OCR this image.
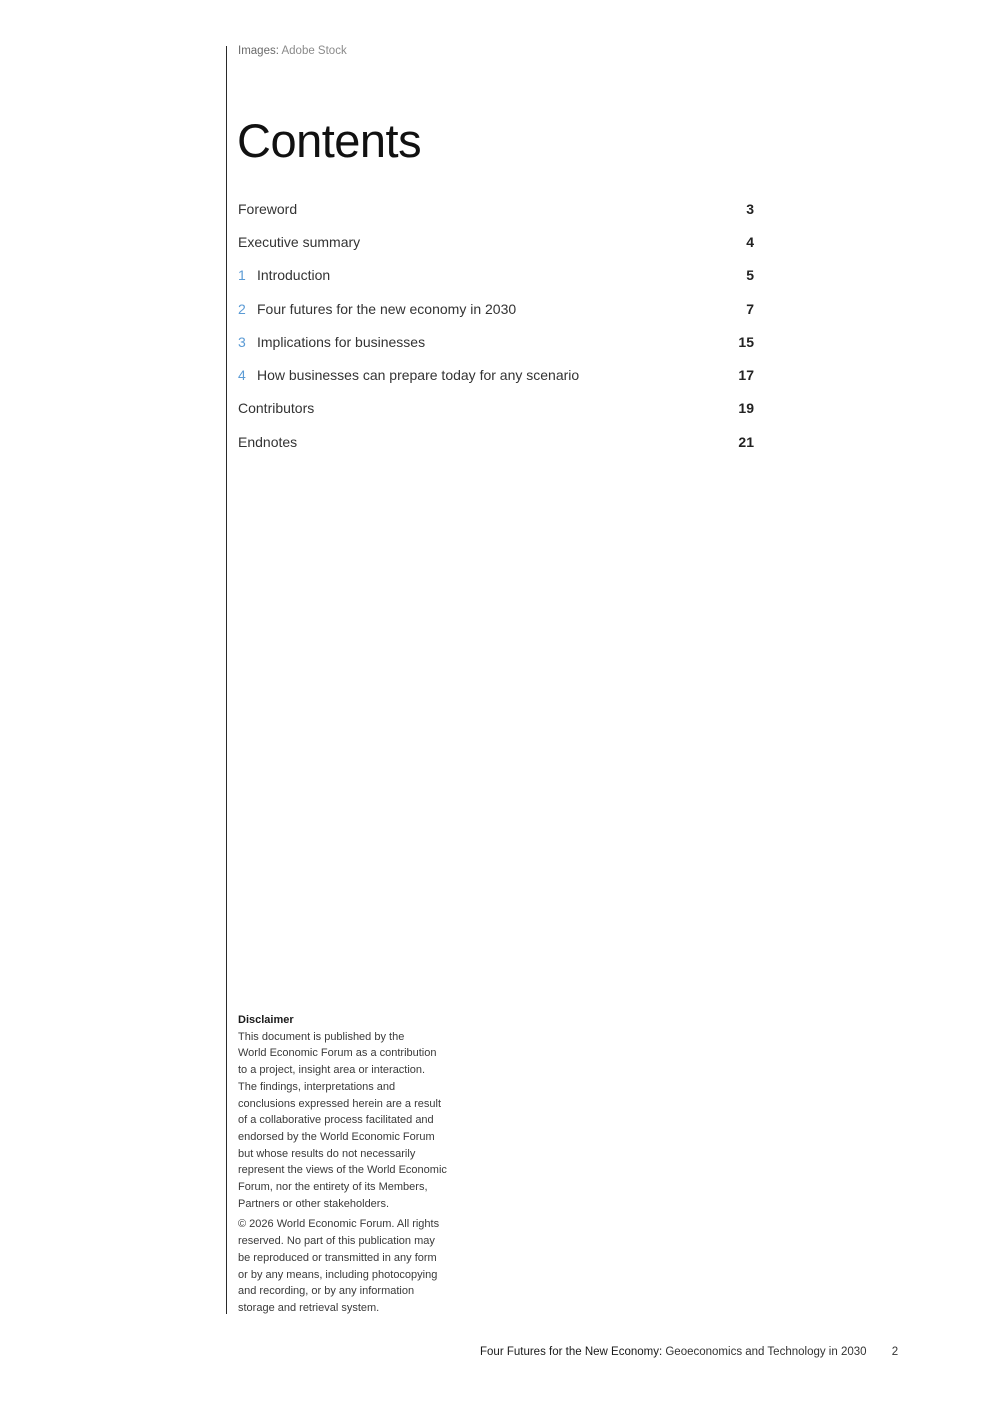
Images: Adobe Stock
Contents
Foreword	3
Executive summary	4
1 Introduction	5
2 Four futures for the new economy in 2030	7
3 Implications for businesses	15
4 How businesses can prepare today for any scenario	17
Contributors	19
Endnotes	21

Disclaimer

This document is published by the
World Economic Forum as a contribution
to a project, insight area or interaction.
The findings, interpretations and
conclusions expressed herein are a result
of a collaborative process facilitated and
endorsed by the World Economic Forum
but whose results do not necessarily
represent the views of the World Economic
Forum, nor the entirety of its Members,
Partners or other stakeholders.

© 2026 World Economic Forum. All rights
reserved. No part of this publication may
be reproduced or transmitted in any form
or by any means, including photocopying
and recording, or by any information
storage and retrieval system.

Four Futures for the New Economy: Geoeconomics and Technology in 2030 2
